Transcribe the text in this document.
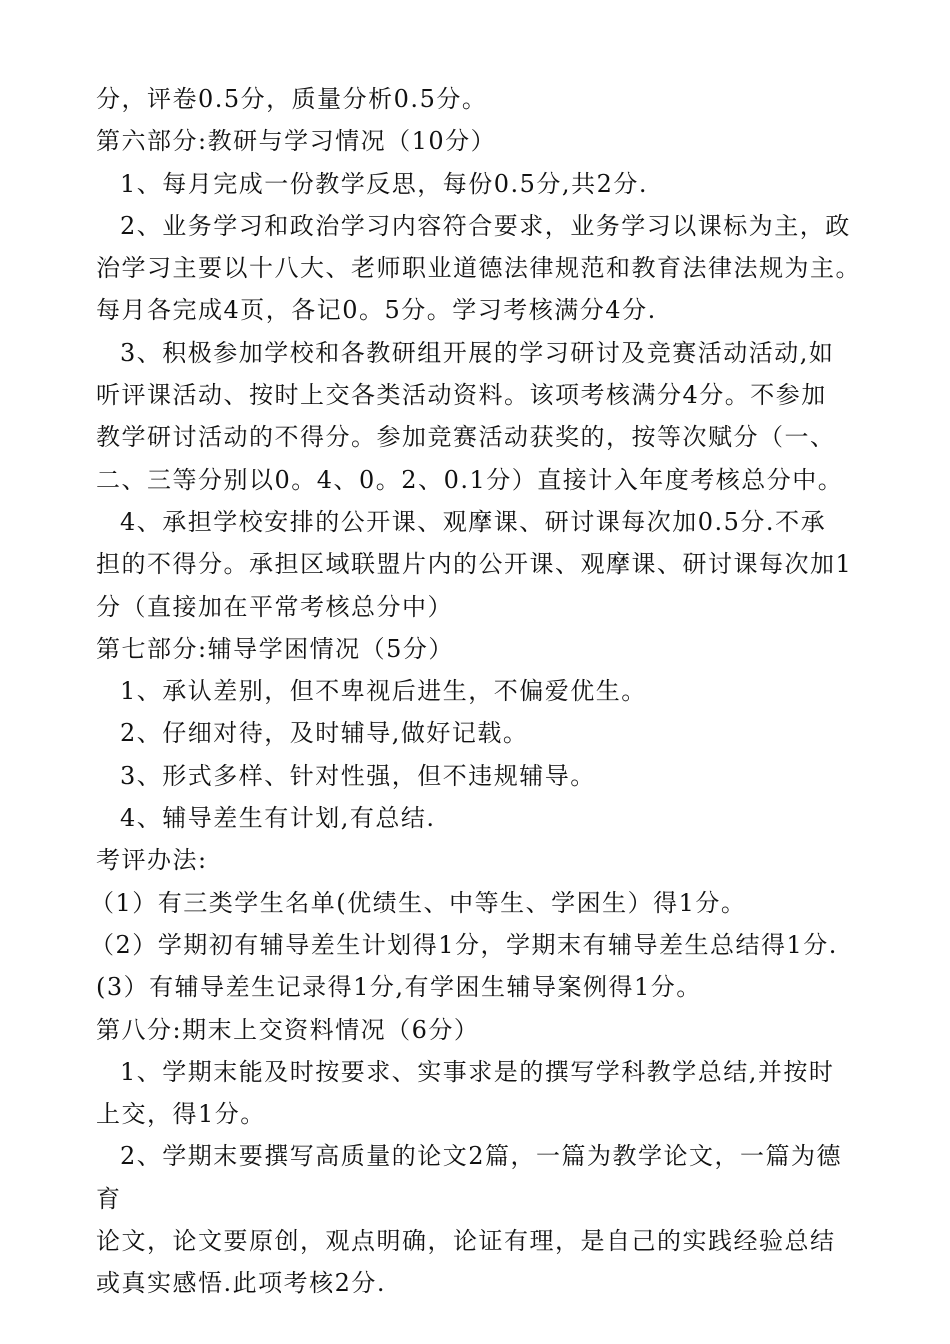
分，评卷0.5分，质量分析0.5分。
第六部分:教研与学习情况（10分）
1、每月完成一份教学反思，每份0.5分,共2分.
2、业务学习和政治学习内容符合要求，业务学习以课标为主，政
治学习主要以十八大、老师职业道德法律规范和教育法律法规为主。
每月各完成4页，各记0。5分。学习考核满分4分.
3、积极参加学校和各教研组开展的学习研讨及竞赛活动活动,如
听评课活动、按时上交各类活动资料。该项考核满分4分。不参加
教学研讨活动的不得分。参加竞赛活动获奖的，按等次赋分（一、
二、三等分别以0。4、0。2、0.1分）直接计入年度考核总分中。
4、承担学校安排的公开课、观摩课、研讨课每次加0.5分.不承
担的不得分。承担区域联盟片内的公开课、观摩课、研讨课每次加1
分（直接加在平常考核总分中）
第七部分:辅导学困情况（5分）
1、承认差别，但不卑视后进生，不偏爱优生。
2、仔细对待，及时辅导,做好记载。
3、形式多样、针对性强，但不违规辅导。
4、辅导差生有计划,有总结.
考评办法:
（1）有三类学生名单(优绩生、中等生、学困生）得1分。
（2）学期初有辅导差生计划得1分，学期末有辅导差生总结得1分.
(3）有辅导差生记录得1分,有学困生辅导案例得1分。
第八分:期末上交资料情况（6分）
1、学期末能及时按要求、实事求是的撰写学科教学总结,并按时
上交，得1分。
2、学期末要撰写高质量的论文2篇，一篇为教学论文，一篇为德
育
论文，论文要原创，观点明确，论证有理，是自己的实践经验总结
或真实感悟.此项考核2分.
